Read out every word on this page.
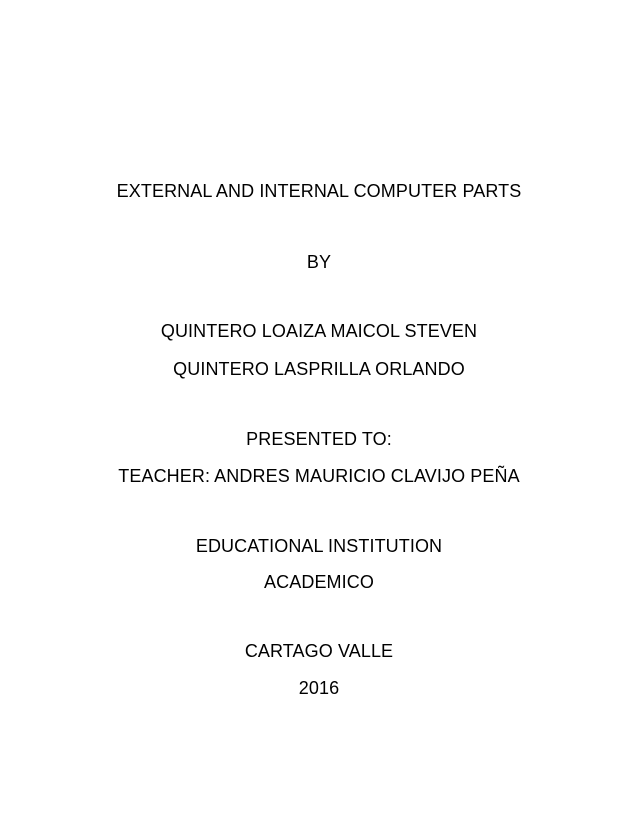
EXTERNAL AND INTERNAL COMPUTER PARTS
BY
QUINTERO LOAIZA MAICOL STEVEN
QUINTERO LASPRILLA ORLANDO
PRESENTED TO:
TEACHER: ANDRES MAURICIO CLAVIJO PEÑA
EDUCATIONAL INSTITUTION
ACADEMICO
CARTAGO VALLE
2016
